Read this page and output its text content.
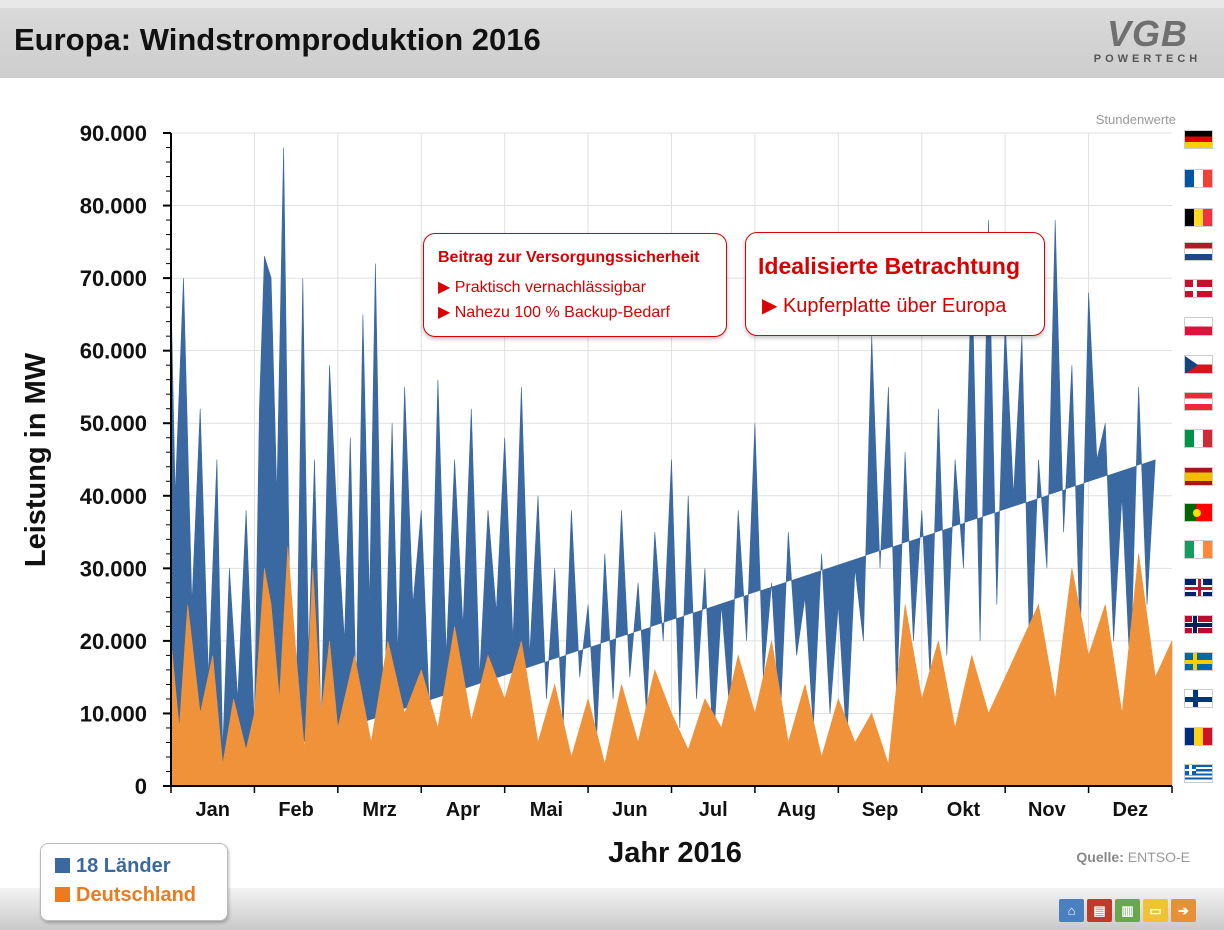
Europa: Windstromproduktion 2016	VGB
POWERTECH
Stundenwerte
0
10.000
20.000
30.000
40.000
50.000
60.000
70.000
80.000
90.000
Jan Feb Mrz Apr Mai Jun	Jul Aug Sep Okt Nov Dez
Jahr 2016
Leistung in MW
Beitrag zur Versorgungssicherheit
▶ Praktisch vernachlässigbar
▶ Nahezu 100 % Backup-Bedarf
Idealisierte Betrachtung
▶ Kupferplatte über Europa
Quelle: ENTSO-E
18 Länder
Deutschland
⌂ ▤ ▥ ▭ ➔
